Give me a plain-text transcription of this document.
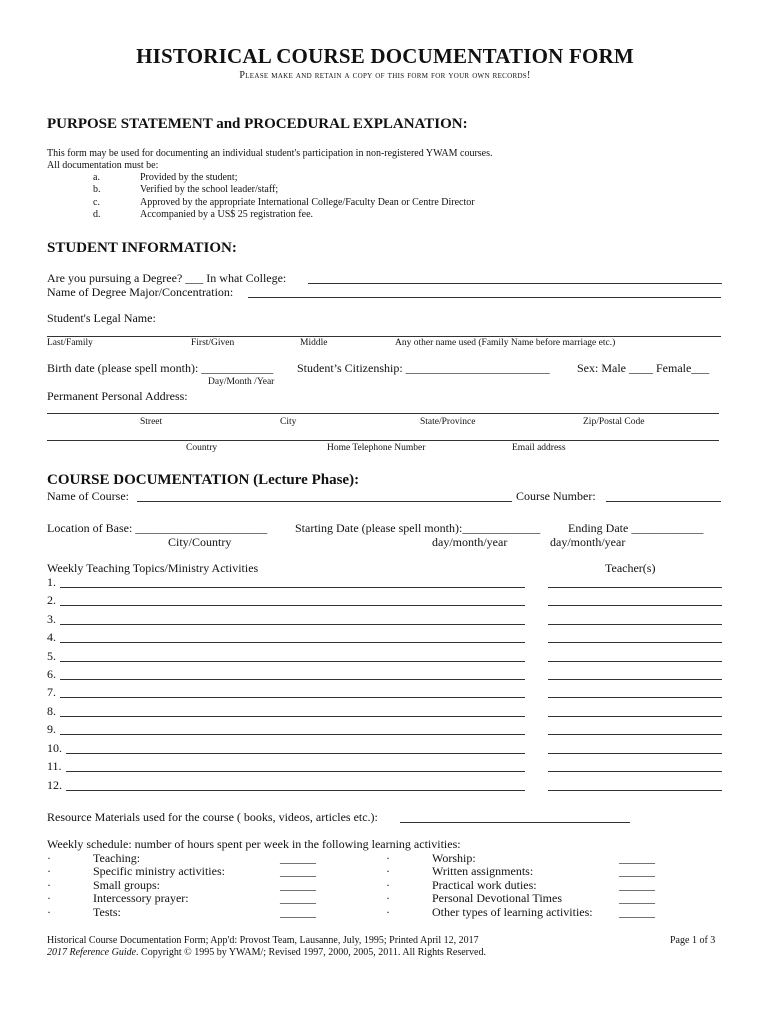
HISTORICAL COURSE DOCUMENTATION FORM
Please make and retain a copy of this form for your own records!
PURPOSE STATEMENT and PROCEDURAL EXPLANATION:
This form may be used for documenting an individual student's participation in non-registered YWAM courses.
All documentation must be:
a.	Provided by the student;
b.	Verified by the school leader/staff;
c.	Approved by the appropriate International College/Faculty Dean or Centre Director
d.	Accompanied by a US$ 25 registration fee.
STUDENT INFORMATION:
Are you pursuing a Degree? ___ In what College:
Name of Degree Major/Concentration:
Student's Legal Name:
Last/Family	First/Given	Middle	Any other name used (Family Name before marriage etc.)
Birth date (please spell month): ____________ Student’s Citizenship: ________________________ Sex: Male ____ Female___
Day/Month /Year
Permanent Personal Address:
Street	City	State/Province	Zip/Postal Code
Country	Home Telephone Number	Email address
COURSE DOCUMENTATION (Lecture Phase):
Name of Course:	Course Number:
Location of Base: ______________________ Starting Date (please spell month):_____________ Ending Date ____________
City/Country	day/month/year	day/month/year
Weekly Teaching Topics/Ministry Activities	Teacher(s)
1.
2.
3.
4.
5.
6.
7.
8.
9.
10.
11.
12.
Resource Materials used for the course ( books, videos, articles etc.):
Weekly schedule: number of hours spent per week in the following learning activities:
·	Teaching:	______
·	Specific ministry activities:	______
·	Small groups:	______
·	Intercessory prayer:	______
·	Tests:	______
·	Worship:	______
·	Written assignments:	______
·	Practical work duties:	______
·	Personal Devotional Times	______
·	Other types of learning activities: ______
Historical Course Documentation Form; App'd: Provost Team, Lausanne, July, 1995; Printed April 12, 2017	Page 1 of 3
2017 Reference Guide. Copyright © 1995 by YWAM/; Revised 1997, 2000, 2005, 2011. All Rights Reserved.
